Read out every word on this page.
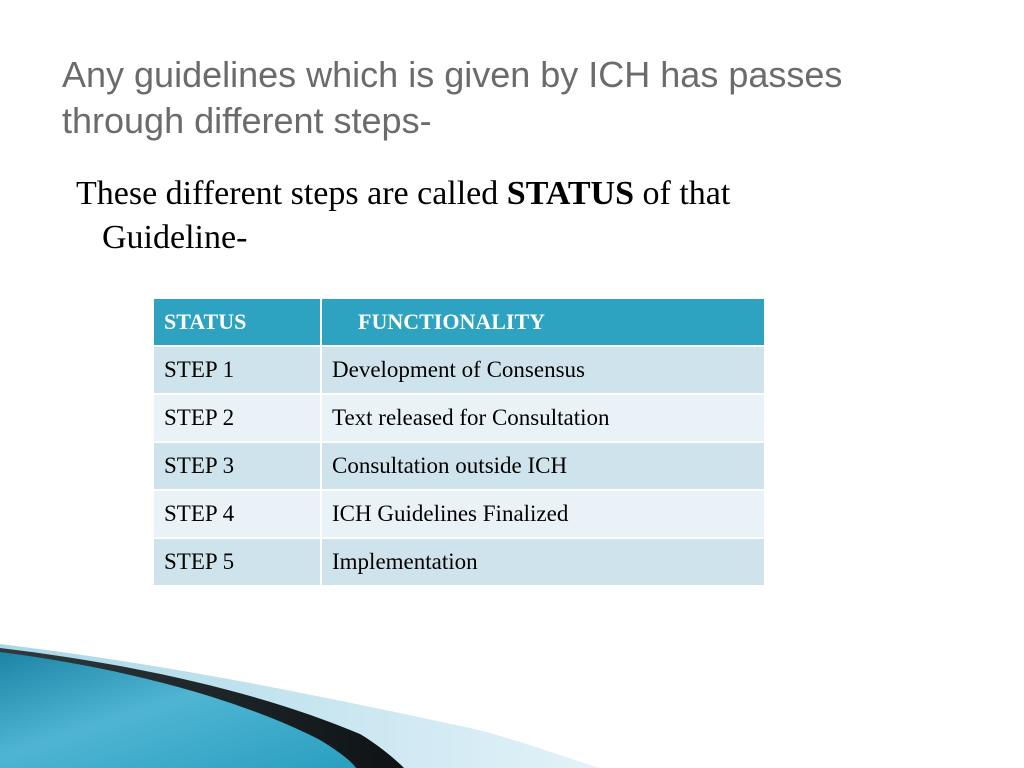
Any guidelines which is given by ICH has passes
through different steps-
These different steps are called STATUS of that
Guideline-
STATUS	FUNCTIONALITY
STEP 1	Development of Consensus
STEP 2	Text released for Consultation
STEP 3	Consultation outside ICH
STEP 4	ICH Guidelines Finalized
STEP 5	Implementation
